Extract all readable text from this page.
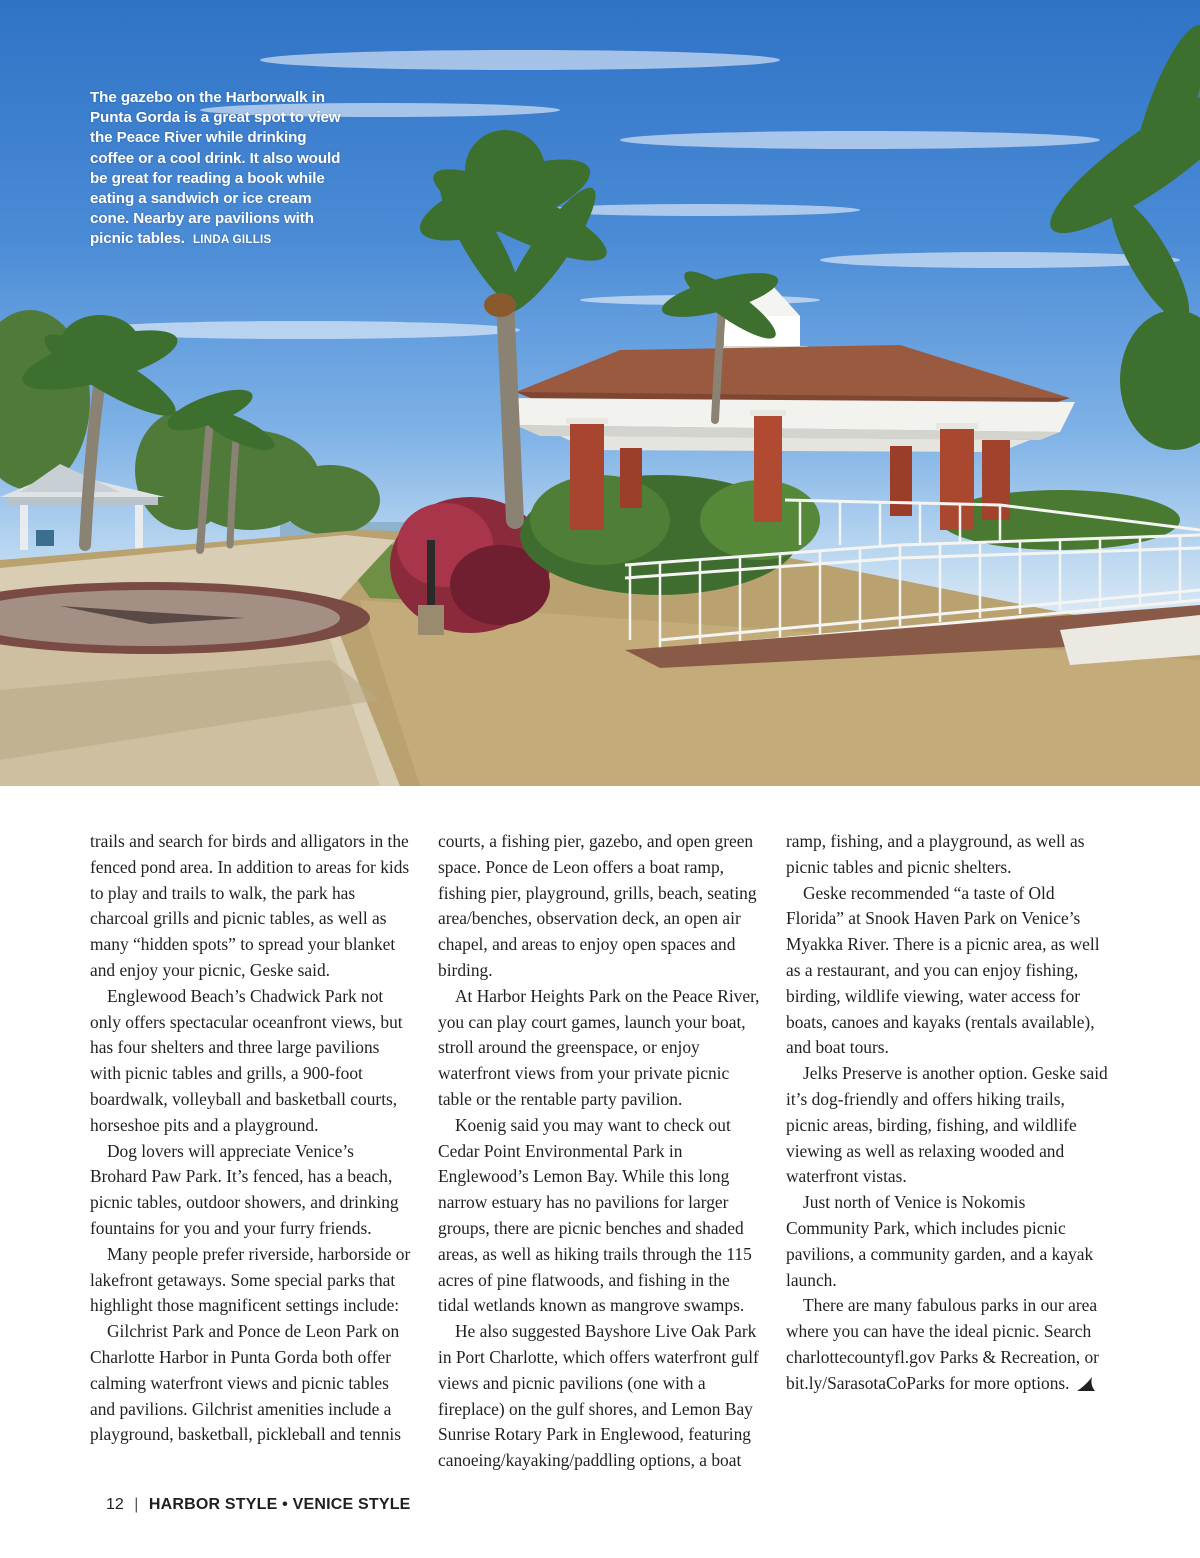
The gazebo on the Harborwalk in Punta Gorda is a great spot to view the Peace River while drinking coffee or a cool drink. It also would be great for reading a book while eating a sandwich or ice cream cone. Nearby are pavilions with picnic tables. LINDA GILLIS

trails and search for birds and alligators in the fenced pond area. In addition to areas for kids to play and trails to walk, the park has charcoal grills and picnic tables, as well as many “hidden spots” to spread your blanket and enjoy your picnic, Geske said.

Englewood Beach’s Chadwick Park not only offers spectacular oceanfront views, but has four shelters and three large pavilions with picnic tables and grills, a 900-foot boardwalk, volleyball and basketball courts, horseshoe pits and a playground.

Dog lovers will appreciate Venice’s Brohard Paw Park. It’s fenced, has a beach, picnic tables, outdoor showers, and drinking fountains for you and your furry friends.

Many people prefer riverside, harborside or lakefront getaways. Some special parks that highlight those magnificent settings include:

Gilchrist Park and Ponce de Leon Park on Charlotte Harbor in Punta Gorda both offer calming waterfront views and picnic tables and pavilions. Gilchrist amenities include a playground, basketball, pickleball and tennis

courts, a fishing pier, gazebo, and open green space. Ponce de Leon offers a boat ramp, fishing pier, playground, grills, beach, seating area/benches, observation deck, an open air chapel, and areas to enjoy open spaces and birding.

At Harbor Heights Park on the Peace River, you can play court games, launch your boat, stroll around the greenspace, or enjoy waterfront views from your private picnic table or the rentable party pavilion.

Koenig said you may want to check out Cedar Point Environmental Park in Englewood’s Lemon Bay. While this long narrow estuary has no pavilions for larger groups, there are picnic benches and shaded areas, as well as hiking trails through the 115 acres of pine flatwoods, and fishing in the tidal wetlands known as mangrove swamps.

He also suggested Bayshore Live Oak Park in Port Charlotte, which offers waterfront gulf views and picnic pavilions (one with a fireplace) on the gulf shores, and Lemon Bay Sunrise Rotary Park in Englewood, featuring canoeing/kayaking/paddling options, a boat

ramp, fishing, and a playground, as well as picnic tables and picnic shelters.

Geske recommended “a taste of Old Florida” at Snook Haven Park on Venice’s Myakka River. There is a picnic area, as well as a restaurant, and you can enjoy fishing, birding, wildlife viewing, water access for boats, canoes and kayaks (rentals available), and boat tours.

Jelks Preserve is another option. Geske said it’s dog-friendly and offers hiking trails, picnic areas, birding, fishing, and wildlife viewing as well as relaxing wooded and waterfront vistas.

Just north of Venice is Nokomis Community Park, which includes picnic pavilions, a community garden, and a kayak launch.

There are many fabulous parks in our area where you can have the ideal picnic. Search charlottecountyfl.gov Parks & Recreation, or bit.ly/SarasotaCoParks for more options.

12 | HARBOR STYLE • VENICE STYLE
